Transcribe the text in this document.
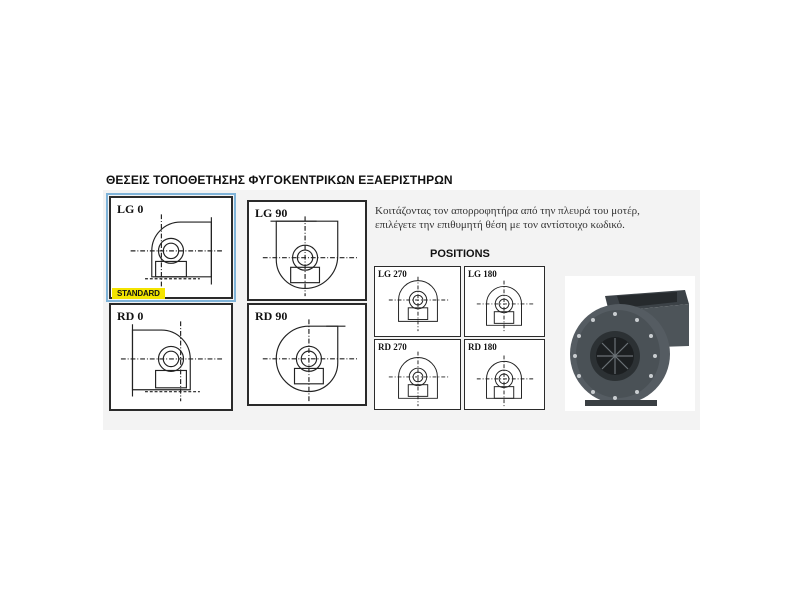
ΘΕΣΕΙΣ ΤΟΠΟΘΕΤΗΣΗΣ ΦΥΓΟΚΕΝΤΡΙΚΩΝ ΕΞΑΕΡΙΣΤΗΡΩΝ
LG 0
STANDARD
RD 0
LG 90
RD 90
Κοιτάζοντας τον απορροφητήρα από την πλευρά του μοτέρ,
επιλέγετε την επιθυμητή θέση με τον αντίστοιχο κωδικό.
POSITIONS
LG 270	LG 180
RD 270	RD 180
